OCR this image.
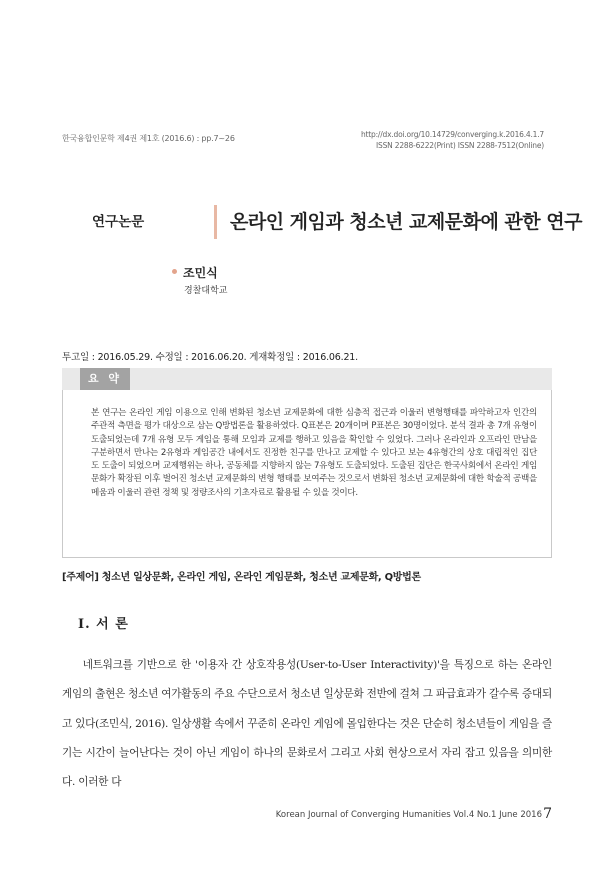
한국융합인문학 제4권 제1호 (2016.6) : pp.7~26	http://dx.doi.org/10.14729/converging.k.2016.4.1.7
ISSN 2288-6222(Print) ISSN 2288-7512(Online)
연구논문	온라인 게임과 청소년 교제문화에 관한 연구
조민식
경찰대학교
투고일 : 2016.05.29. 수정일 : 2016.06.20. 게재확정일 : 2016.06.21.
요 약
본 연구는 온라인 게임 이용으로 인해 변화된 청소년 교제문화에 대한 심층적 접근과 이울러 변형행태를 파악하고자 인간의 주관적 측면을 평가 대상으로 삼는 Q방법론을 활용하였다. Q표본은 20개이며 P표본은 30명이었다. 분석 결과 총 7개 유형이 도출되었는데 7개 유형 모두 게임을 통해 모임과 교제를 행하고 있음을 확인할 수 있었다. 그러나 온라인과 오프라인 만남을 구분하면서 만나는 2유형과 게임공간 내에서도 진정한 친구를 만나고 교제할 수 있다고 보는 4유형간의 상호 대립적인 집단도 도출이 되었으며 교제행위는 하나, 공동체를 지향하지 않는 7유형도 도출되었다. 도출된 집단은 한국사회에서 온라인 게임문화가 확장된 이후 벌어진 청소년 교제문화의 변형 행태를 보여주는 것으로서 변화된 청소년 교제문화에 대한 학술적 공백을 메움과 이울러 관련 정책 및 정량조사의 기초자료로 활용될 수 있을 것이다.
[주제어] 청소년 일상문화, 온라인 게임, 온라인 게임문화, 청소년 교제문화, Q방법론
Ⅰ. 서 론
  네트워크를 기반으로 한 '이용자 간 상호작용성(User-to-User Interactivity)'을 특징으로 하는 온라인 게임의 출현은 청소년 여가활동의 주요 수단으로서 청소년 일상문화 전반에 걸쳐 그 파급효과가 갈수록 증대되고 있다(조민식, 2016). 일상생활 속에서 꾸준히 온라인 게임에 몰입한다는 것은 단순히 청소년들이 게임을 즐기는 시간이 늘어난다는 것이 아닌 게임이 하나의 문화로서 그리고 사회 현상으로서 자리 잡고 있음을 의미한다. 이러한 다
Korean Journal of Converging Humanities Vol.4 No.1 June 2016 7
